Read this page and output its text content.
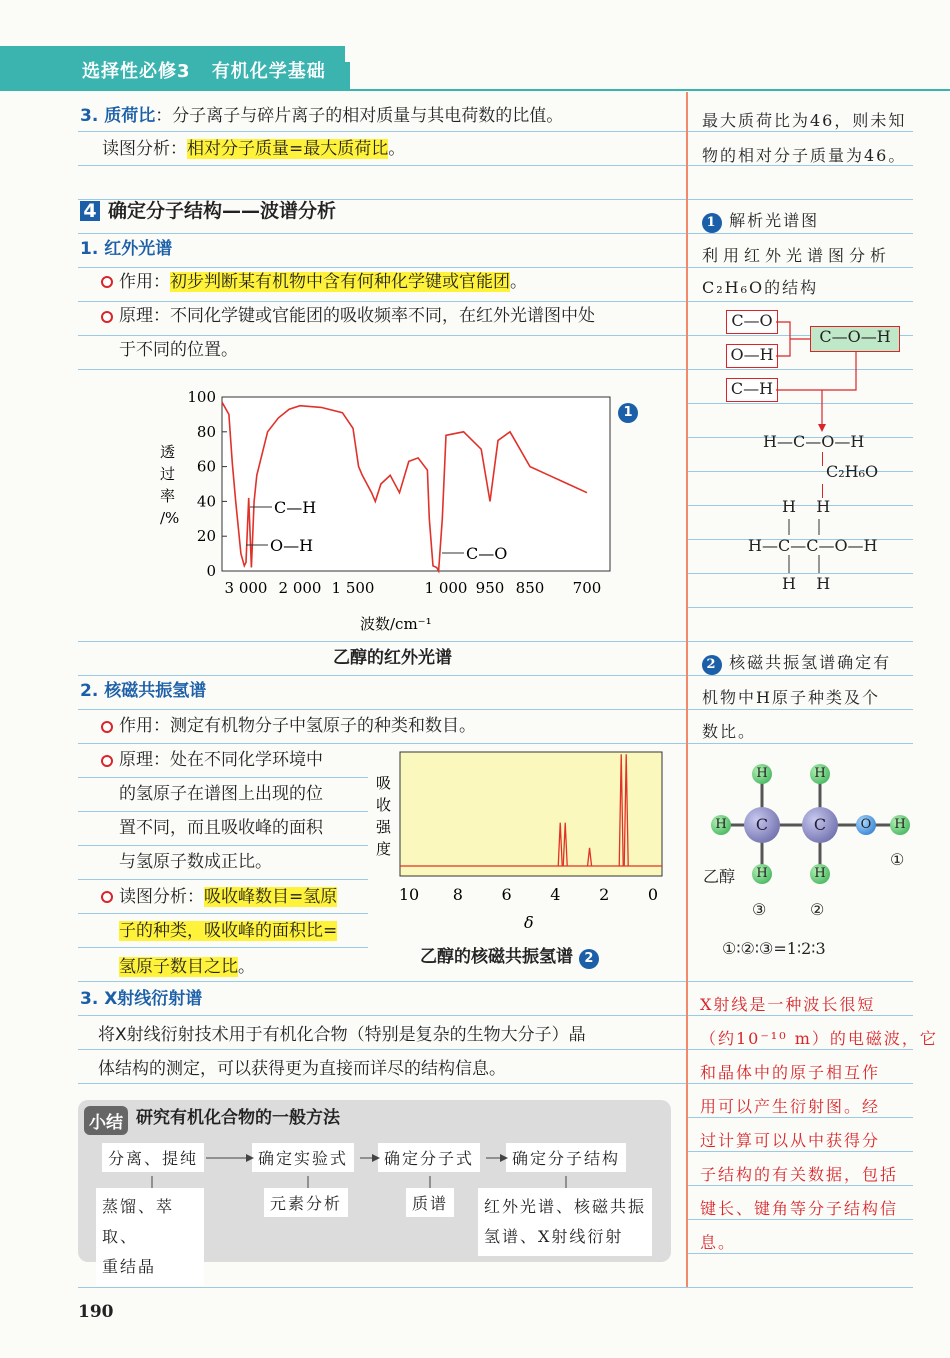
选择性必修3 有机化学基础
3. 质荷比：分子离子与碎片离子的相对质量与其电荷数的比值。
读图分析：相对分子质量=最大质荷比。
最大质荷比为46，则未知
物的相对分子质量为46。
4 确定分子结构——波谱分析
1. 红外光谱
作用：初步判断某有机物中含有何种化学键或官能团。
原理：不同化学键或官能团的吸收频率不同，在红外光谱图中处
于不同的位置。
100
80
60
40
20
0
3 000 2 000 1 500	1 000 950 850 700
C—H
O—H	C—O
透过率/%
波数/cm⁻¹
1
乙醇的红外光谱
1 解析光谱图
利用红外光谱图分析
C₂H₆O的结构
C—O
O—H
C—H
C—O—H
H—C—O—H
C₂H₆O
H    H
H—C—C—O—H
H    H
2. 核磁共振氢谱
作用：测定有机物分子中氢原子的种类和数目。
原理：处在不同化学环境中
的氢原子在谱图上出现的位
置不同，而且吸收峰的面积
与氢原子数成正比。
读图分析：吸收峰数目=氢原
子的种类，吸收峰的面积比=
氢原子数目之比。
10 8 6 4 2 0
吸收强度
δ
乙醇的核磁共振氢谱 2
2 核磁共振氢谱确定有
机物中H原子种类及个
数比。
H	H
H	C	C	O	H
H	H
乙醇
①
③	②
①∶②∶③=1∶2∶3
3. X射线衍射谱
将X射线衍射技术用于有机化合物（特别是复杂的生物大分子）晶
体结构的测定，可以获得更为直接而详尽的结构信息。
X射线是一种波长很短
（约10⁻¹⁰ m）的电磁波，它
和晶体中的原子相互作
用可以产生衍射图。经
过计算可以从中获得分
子结构的有关数据，包括
键长、键角等分子结构信
息。
小结 研究有机化合物的一般方法
分离、提纯	确定实验式	确定分子式	确定分子结构
蒸馏、萃取、
重结晶
元素分析	质谱	红外光谱、核磁共振
氢谱、X射线衍射
190
